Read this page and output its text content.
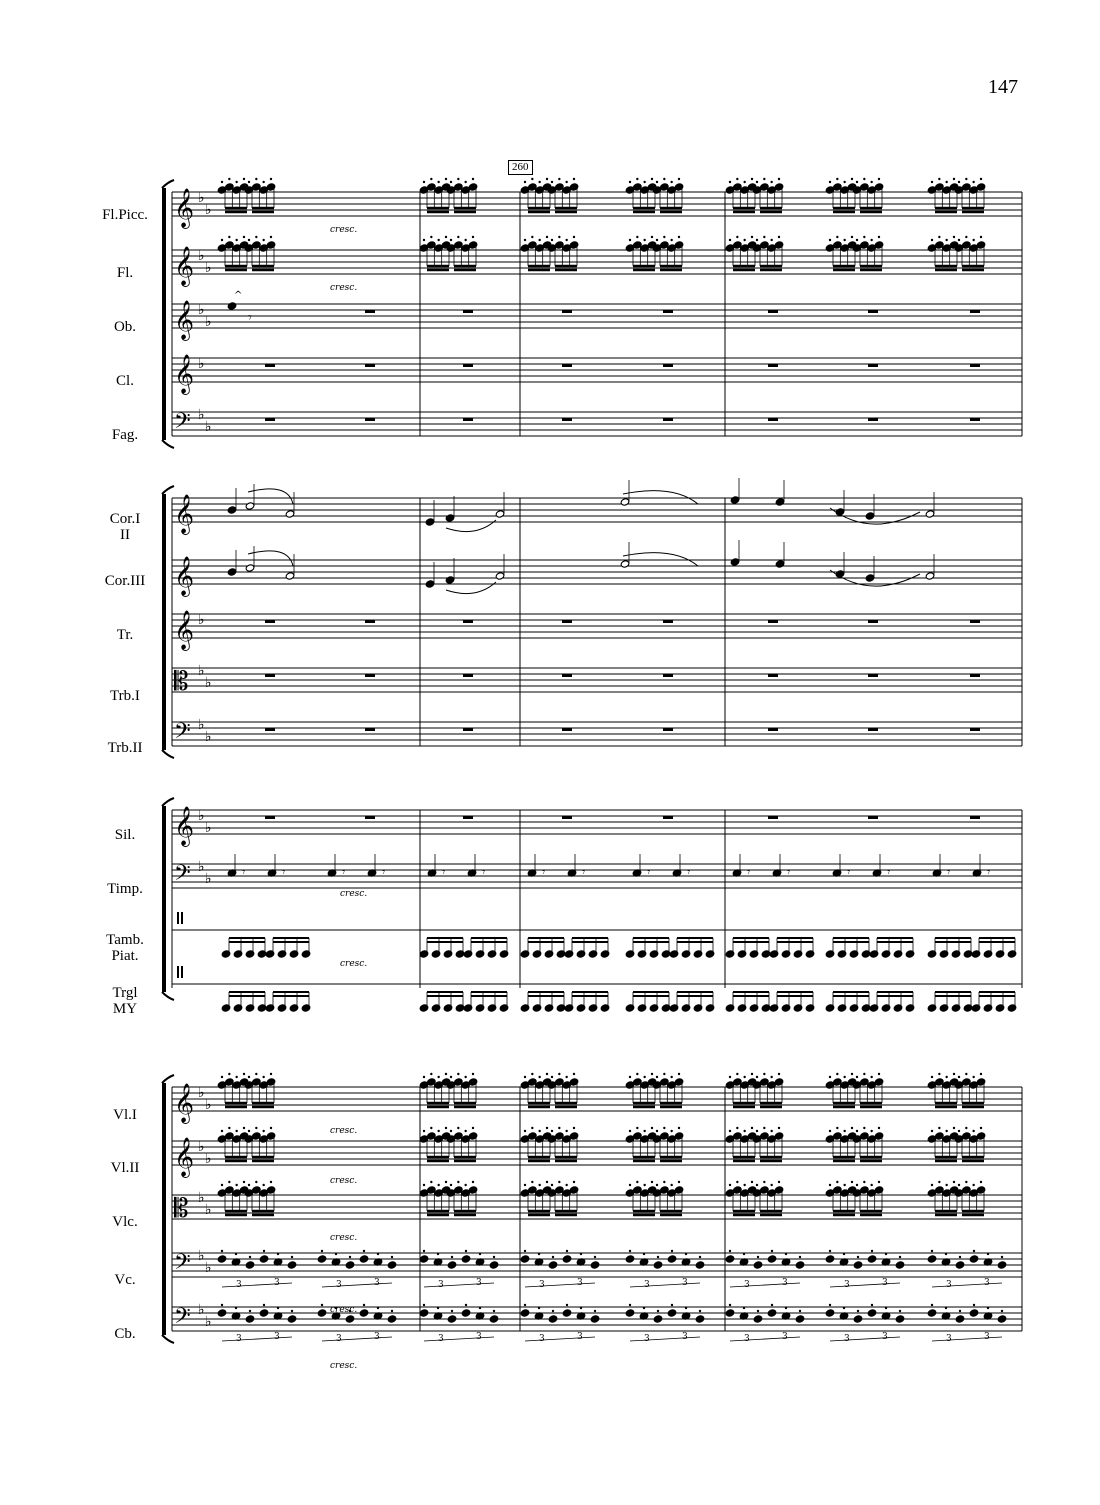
147
260
Fl.Picc.
Fl.
Ob.
Cl.
Fag.
Cor.I
II
Cor.III
Tr.
Trb.I
Trb.II
Sil.
Timp.
Tamb.
Piat.
Trgl
MY
Vl.I
Vl.II
Vlc.
Vc.
Cb.
𝄞 ♭
♭
𝄞 ♭
♭
𝄞 ♭
♭
^
𝄾
𝄞 ♭
𝄢 ♭
♭
𝄞
𝄞
𝄞 ♭
𝄡 ♭
♭
𝄢 ♭
♭
𝄞 ♭
♭
𝄢 ♭
♭	𝄾	𝄾	𝄾	𝄾	𝄾	𝄾	𝄾	𝄾	𝄾	𝄾	𝄾	𝄾	𝄾	𝄾	𝄾	𝄾
𝄞 ♭
♭
𝄞 ♭
♭
𝄡 ♭
♭
𝄢 ♭
♭
3	3	3	3	3	3	3	3	3	3	3	3	3	3	3	3
𝄢 ♭
♭
3	3	3	3	3	3	3	3	3	3	3	3	3	3	3	3
cresc.
cresc.
cresc.
cresc.
cresc.
cresc.
cresc.
cresc.
cresc.
